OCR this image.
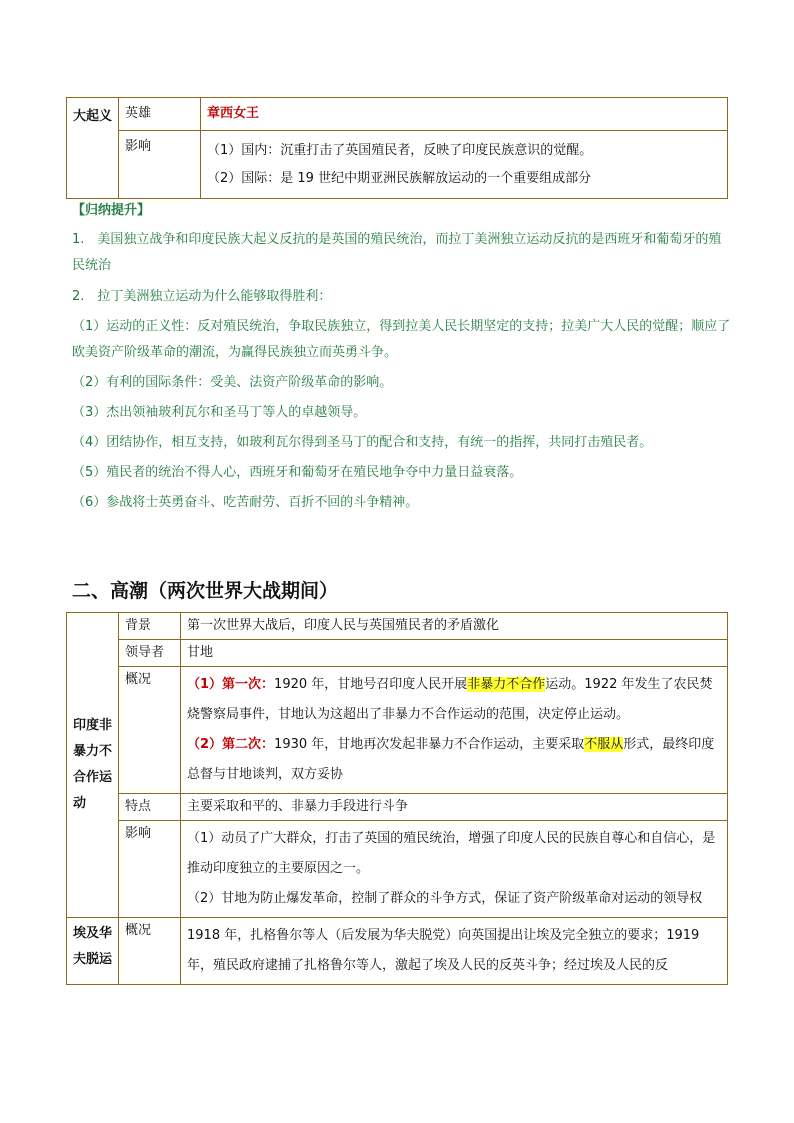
大起义	英雄	章西女王
	影响	（1）国内：沉重打击了英国殖民者，反映了印度民族意识的觉醒。
（2）国际：是 19 世纪中期亚洲民族解放运动的一个重要组成部分
【归纳提升】

1.　美国独立战争和印度民族大起义反抗的是英国的殖民统治，而拉丁美洲独立运动反抗的是西班牙和葡萄牙的殖民统治

2.　拉丁美洲独立运动为什么能够取得胜利：

（1）运动的正义性：反对殖民统治，争取民族独立，得到拉美人民长期坚定的支持；拉美广大人民的觉醒；顺应了欧美资产阶级革命的潮流，为赢得民族独立而英勇斗争。

（2）有利的国际条件：受美、法资产阶级革命的影响。

（3）杰出领袖玻利瓦尔和圣马丁等人的卓越领导。

（4）团结协作，相互支持，如玻利瓦尔得到圣马丁的配合和支持，有统一的指挥，共同打击殖民者。

（5）殖民者的统治不得人心，西班牙和葡萄牙在殖民地争夺中力量日益衰落。

（6）参战将士英勇奋斗、吃苦耐劳、百折不回的斗争精神。

二、高潮（两次世界大战期间）
印度非暴力不合作运动	背景	第一次世界大战后，印度人民与英国殖民者的矛盾激化
	领导者	甘地
	概况	（1）第一次：1920 年，甘地号召印度人民开展非暴力不合作运动。1922 年发生了农民焚烧警察局事件，甘地认为这超出了非暴力不合作运动的范围，决定停止运动。
（2）第二次：1930 年，甘地再次发起非暴力不合作运动，主要采取不服从形式，最终印度总督与甘地谈判，双方妥协

	特点	主要采取和平的、非暴力手段进行斗争
	影响	（1）动员了广大群众，打击了英国的殖民统治，增强了印度人民的民族自尊心和自信心，是推动印度独立的主要原因之一。
（2）甘地为防止爆发革命，控制了群众的斗争方式，保证了资产阶级革命对运动的领导权

埃及华夫脱运	概况	1918 年，扎格鲁尔等人（后发展为华夫脱党）向英国提出让埃及完全独立的要求；1919 年，殖民政府逮捕了扎格鲁尔等人，激起了埃及人民的反英斗争；经过埃及人民的反
